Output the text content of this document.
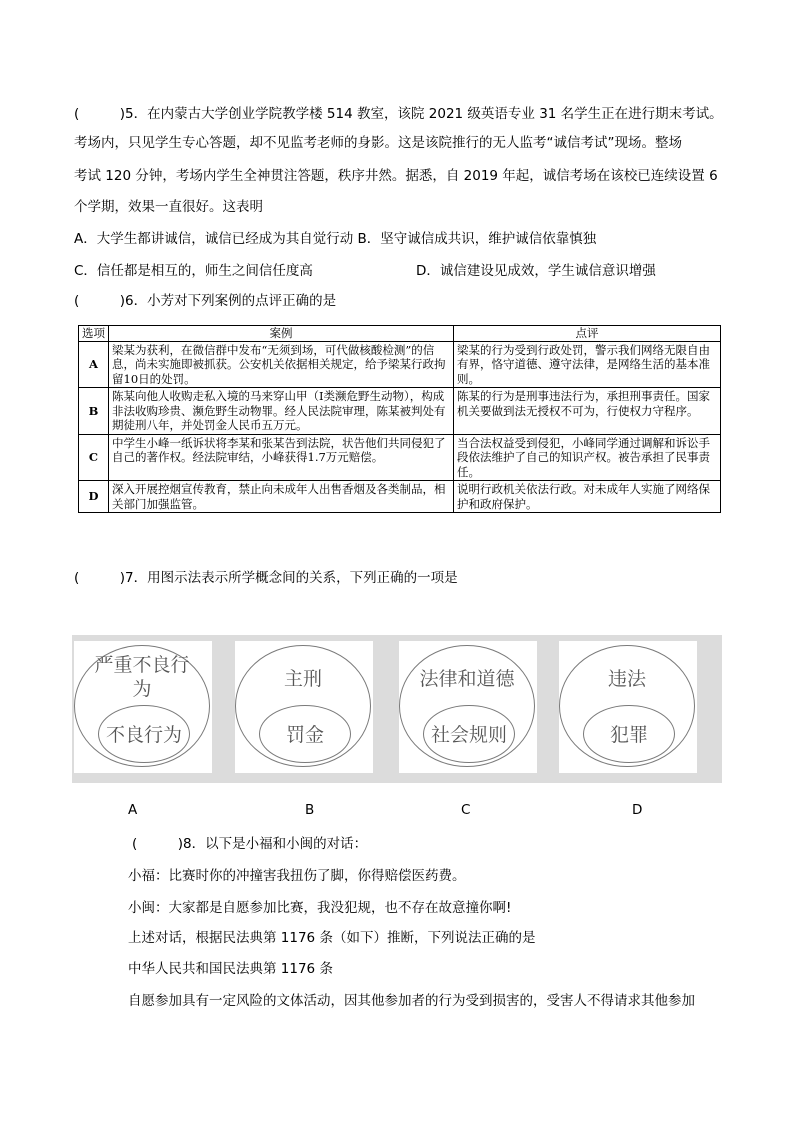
(　　　)5．在内蒙古大学创业学院教学楼 514 教室，该院 2021 级英语专业 31 名学生正在进行期末考试。
考场内，只见学生专心答题，却不见监考老师的身影。这是该院推行的无人监考“诚信考试”现场。整场
考试 120 分钟，考场内学生全神贯注答题，秩序井然。据悉，自 2019 年起，诚信考场在该校已连续设置 6
个学期，效果一直很好。这表明
A．大学生都讲诚信，诚信已经成为其自觉行动 B．坚守诚信成共识，维护诚信依靠慎独
C．信任都是相互的，师生之间信任度高	D．诚信建设见成效，学生诚信意识增强
(　　　)6．小芳对下列案例的点评正确的是
选项	案例	点评
A	梁某为获利，在微信群中发布“无须到场，可代做核酸检测”的信息，尚未实施即被抓获。公安机关依据相关规定，给予梁某行政拘留10日的处罚。	梁某的行为受到行政处罚，警示我们网络无限自由有界，恪守道德、遵守法律，是网络生活的基本准则。
B	陈某向他人收购走私入境的马来穿山甲（I类濒危野生动物），构成非法收购珍贵、濒危野生动物罪。经人民法院审理，陈某被判处有期徒刑八年，并处罚金人民币五万元。	陈某的行为是刑事违法行为，承担刑事责任。国家机关要做到法无授权不可为，行使权力守程序。
C	中学生小峰一纸诉状将李某和张某告到法院，状告他们共同侵犯了自己的著作权。经法院审结，小峰获得1.7万元赔偿。	当合法权益受到侵犯，小峰同学通过调解和诉讼手段依法维护了自己的知识产权。被告承担了民事责任。
D	深入开展控烟宣传教育，禁止向未成年人出售香烟及各类制品，相关部门加强监管。	说明行政机关依法行政。对未成年人实施了网络保护和政府保护。
(　　　)7．用图示法表示所学概念间的关系，下列正确的一项是
严重不良行为
不良行为
主刑
罚金
法律和道德
社会规则
违法
犯罪
A	B	C	D
(　　　)8．以下是小福和小闽的对话：
小福：比赛时你的冲撞害我扭伤了脚，你得赔偿医药费。
小闽：大家都是自愿参加比赛，我没犯规，也不存在故意撞你啊!
上述对话，根据民法典第 1176 条（如下）推断，下列说法正确的是
中华人民共和国民法典第 1176 条
自愿参加具有一定风险的文体活动，因其他参加者的行为受到损害的，受害人不得请求其他参加
